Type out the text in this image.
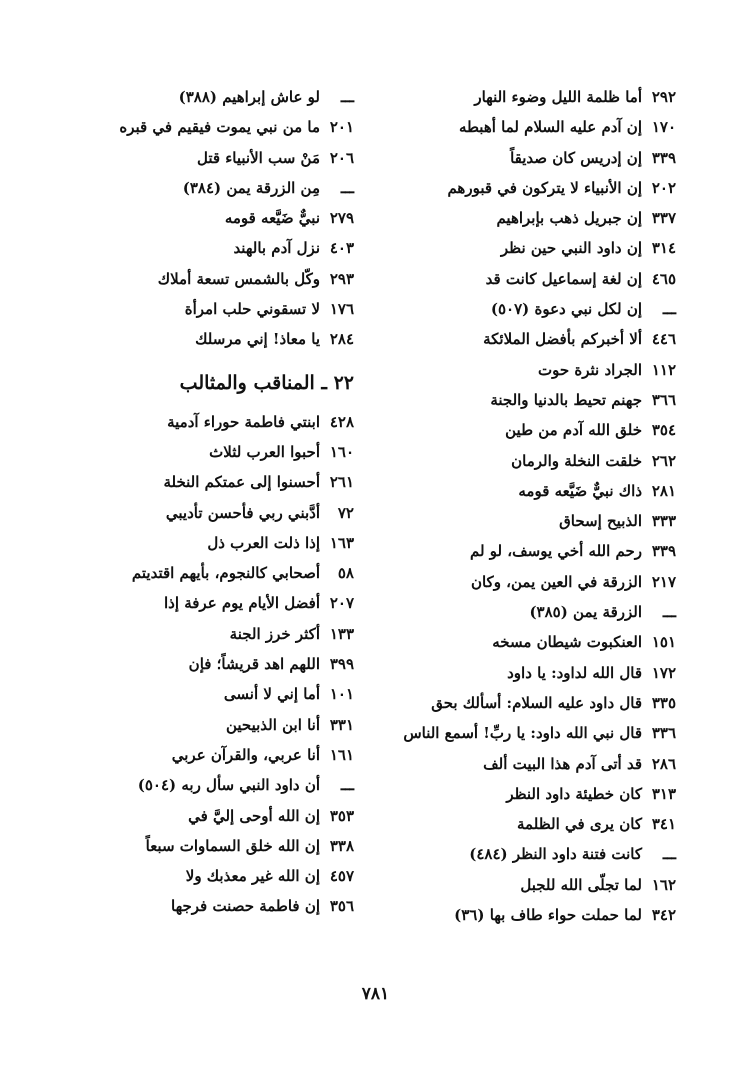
٢٩٢
أما ظلمة الليل وضوء النهار
١٧٠
إن آدم عليه السلام لما أهبطه
٣٣٩
إن إدريس كان صديقاً
٢٠٢
إن الأنبياء لا يتركون في قبورهم
٣٣٧
إن جبريل ذهب بإبراهيم
٣١٤
إن داود النبي حين نظر
٤٦٥
إن لغة إسماعيل كانت قد
ـــ
إن لكل نبي دعوة (٥٠٧)
٤٤٦
ألا أخبركم بأفضل الملائكة
١١٢
الجراد نثرة حوت
٣٦٦
جهنم تحيط بالدنيا والجنة
٣٥٤
خلق الله آدم من طين
٢٦٢
خلقت النخلة والرمان
٢٨١
ذاك نبيٌّ ضَيَّعه قومه
٣٣٣
الذبيح إسحاق
٣٣٩
رحم الله أخي يوسف، لو لم
٢١٧
الزرقة في العين يمن، وكان
ـــ
الزرقة يمن (٣٨٥)
١٥١
العنكبوت شيطان مسخه
١٧٢
قال الله لداود: يا داود
٣٣٥
قال داود عليه السلام: أسألك بحق
٣٣٦
قال نبي الله داود: يا ربِّ! أسمع الناس
٢٨٦
قد أتى آدم هذا البيت ألف
٣١٣
كان خطيئة داود النظر
٣٤١
كان يرى في الظلمة
ـــ
كانت فتنة داود النظر (٤٨٤)
١٦٢
لما تجلّى الله للجبل
٣٤٢
لما حملت حواء طاف بها (٣٦)
ـــ
لو عاش إبراهيم (٣٨٨)
٢٠١
ما من نبي يموت فيقيم في قبره
٢٠٦
مَنْ سب الأنبياء قتل
ـــ
مِن الزرقة يمن (٣٨٤)
٢٧٩
نبيٌّ ضَيَّعه قومه
٤٠٣
نزل آدم بالهند
٢٩٣
وكّل بالشمس تسعة أملاك
١٧٦
لا تسقوني حلب امرأة
٢٨٤
يا معاذ! إني مرسلك
٢٢ ـ المناقب والمثالب
٤٢٨
ابنتي فاطمة حوراء آدمية
١٦٠
أحبوا العرب لثلاث
٢٦١
أحسنوا إلى عمتكم النخلة
٧٢
أدَّبني ربي فأحسن تأديبي
١٦٣
إذا ذلت العرب ذل
٥٨
أصحابي كالنجوم، بأيهم اقتديتم
٢٠٧
أفضل الأيام يوم عرفة إذا
١٣٣
أكثر خرز الجنة
٣٩٩
اللهم اهد قريشاً؛ فإن
١٠١
أما إني لا أنسى
٣٣١
أنا ابن الذبيحين
١٦١
أنا عربي، والقرآن عربي
ـــ
أن داود النبي سأل ربه (٥٠٤)
٣٥٣
إن الله أوحى إليَّ في
٣٣٨
إن الله خلق السماوات سبعاً
٤٥٧
إن الله غير معذبك ولا
٣٥٦
إن فاطمة حصنت فرجها
٧٨١
